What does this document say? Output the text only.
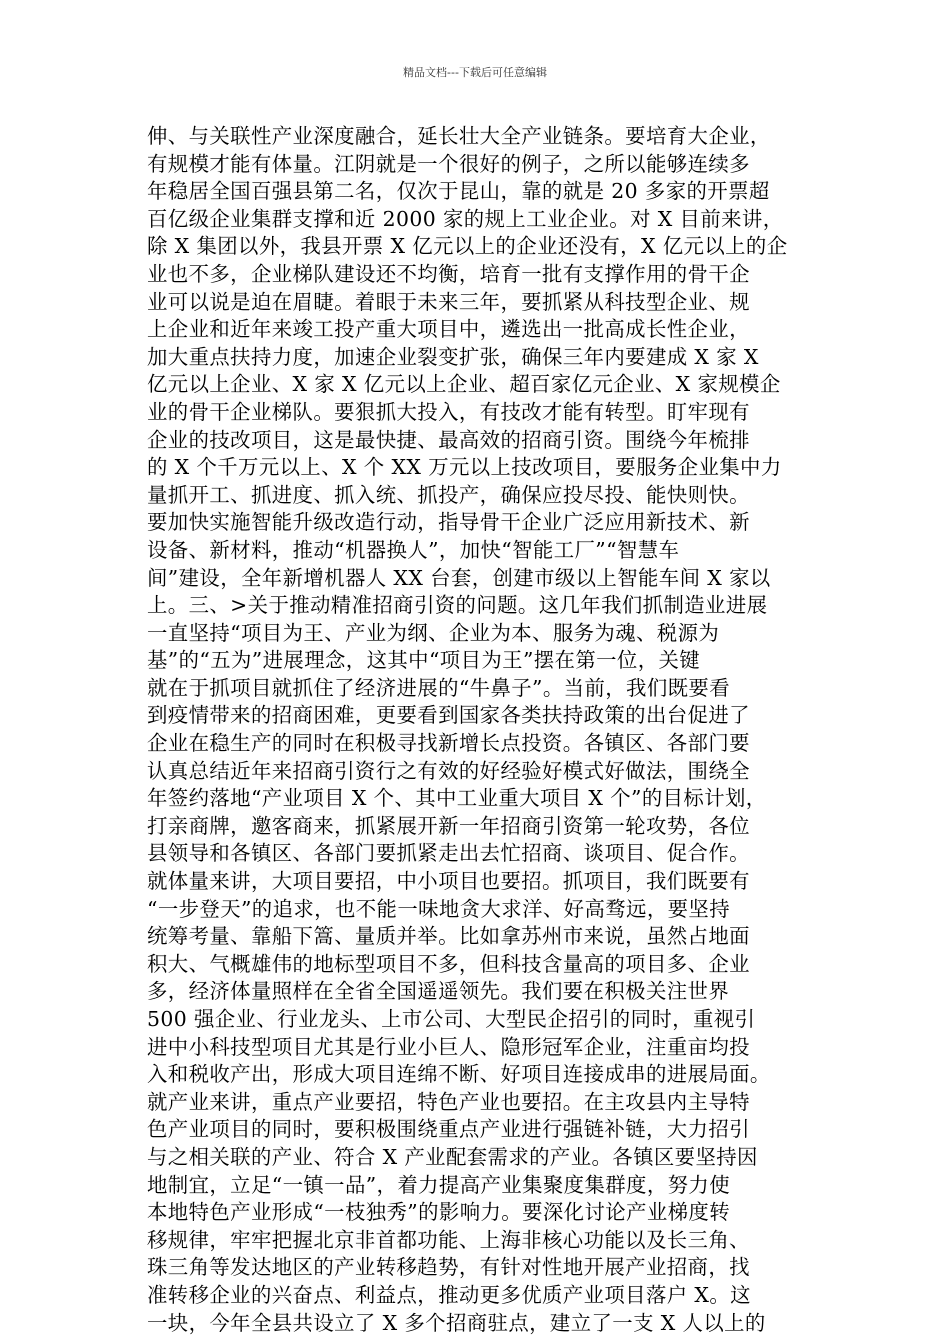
精品文档---下载后可任意编辑
伸、与关联性产业深度融合，延长壮大全产业链条。要培育大企业，
有规模才能有体量。江阴就是一个很好的例子，之所以能够连续多
年稳居全国百强县第二名，仅次于昆山，靠的就是 20 多家的开票超
百亿级企业集群支撑和近 2000 家的规上工业企业。对 X 目前来讲，
除 X 集团以外，我县开票 X 亿元以上的企业还没有，X 亿元以上的企
业也不多，企业梯队建设还不均衡，培育一批有支撑作用的骨干企
业可以说是迫在眉睫。着眼于未来三年，要抓紧从科技型企业、规
上企业和近年来竣工投产重大项目中，遴选出一批高成长性企业，
加大重点扶持力度，加速企业裂变扩张，确保三年内要建成 X 家 X
亿元以上企业、X 家 X 亿元以上企业、超百家亿元企业、X 家规模企
业的骨干企业梯队。要狠抓大投入，有技改才能有转型。盯牢现有
企业的技改项目，这是最快捷、最高效的招商引资。围绕今年梳排
的 X 个千万元以上、X 个 XX 万元以上技改项目，要服务企业集中力
量抓开工、抓进度、抓入统、抓投产，确保应投尽投、能快则快。
要加快实施智能升级改造行动，指导骨干企业广泛应用新技术、新
设备、新材料，推动“机器换人”，加快“智能工厂”“智慧车
间”建设，全年新增机器人 XX 台套，创建市级以上智能车间 X 家以
上。三、>关于推动精准招商引资的问题。这几年我们抓制造业进展
一直坚持“项目为王、产业为纲、企业为本、服务为魂、税源为
基”的“五为”进展理念，这其中“项目为王”摆在第一位，关键
就在于抓项目就抓住了经济进展的“牛鼻子”。当前，我们既要看
到疫情带来的招商困难，更要看到国家各类扶持政策的出台促进了
企业在稳生产的同时在积极寻找新增长点投资。各镇区、各部门要
认真总结近年来招商引资行之有效的好经验好模式好做法，围绕全
年签约落地“产业项目 X 个、其中工业重大项目 X 个”的目标计划，
打亲商牌，邀客商来，抓紧展开新一年招商引资第一轮攻势，各位
县领导和各镇区、各部门要抓紧走出去忙招商、谈项目、促合作。
就体量来讲，大项目要招，中小项目也要招。抓项目，我们既要有
“一步登天”的追求，也不能一味地贪大求洋、好高骛远，要坚持
统筹考量、靠船下篙、量质并举。比如拿苏州市来说，虽然占地面
积大、气概雄伟的地标型项目不多，但科技含量高的项目多、企业
多，经济体量照样在全省全国遥遥领先。我们要在积极关注世界
500 强企业、行业龙头、上市公司、大型民企招引的同时，重视引
进中小科技型项目尤其是行业小巨人、隐形冠军企业，注重亩均投
入和税收产出，形成大项目连绵不断、好项目连接成串的进展局面。
就产业来讲，重点产业要招，特色产业也要招。在主攻县内主导特
色产业项目的同时，要积极围绕重点产业进行强链补链，大力招引
与之相关联的产业、符合 X 产业配套需求的产业。各镇区要坚持因
地制宜，立足“一镇一品”，着力提高产业集聚度集群度，努力使
本地特色产业形成“一枝独秀”的影响力。要深化讨论产业梯度转
移规律，牢牢把握北京非首都功能、上海非核心功能以及长三角、
珠三角等发达地区的产业转移趋势，有针对性地开展产业招商，找
准转移企业的兴奋点、利益点，推动更多优质产业项目落户 X。这
一块，今年全县共设立了 X 多个招商驻点，建立了一支 X 人以上的
